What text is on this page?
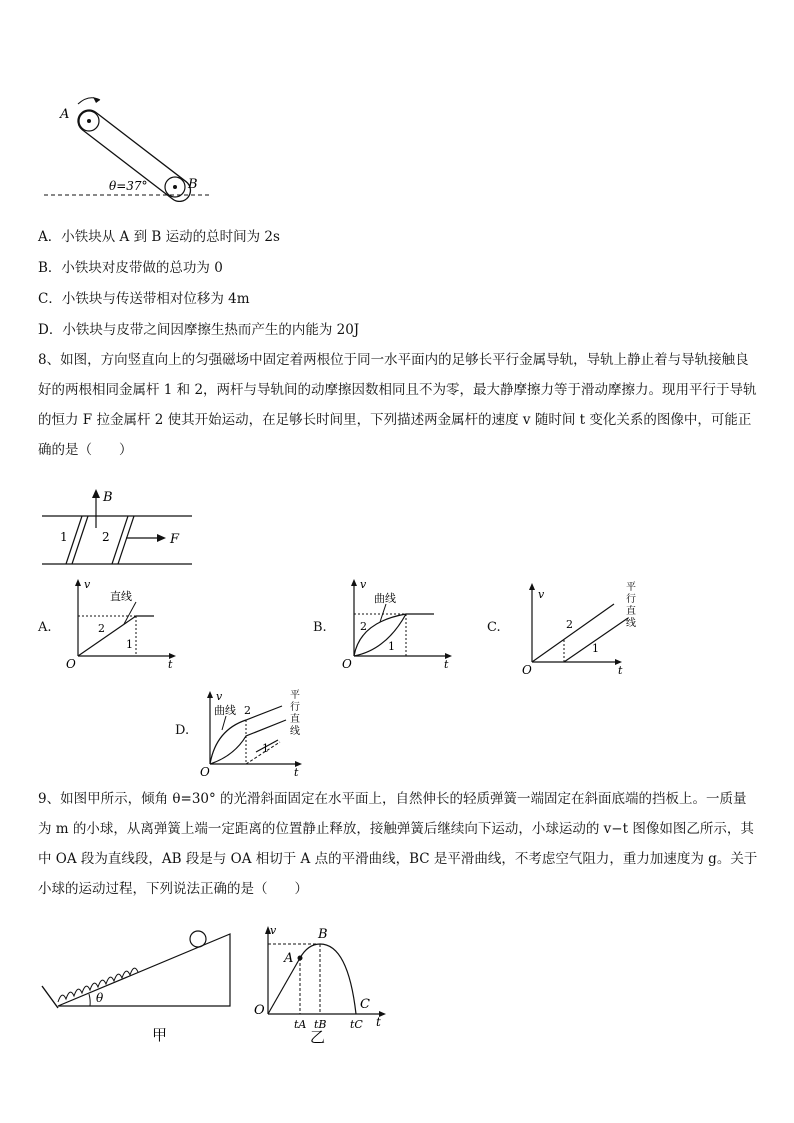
A
B
θ=37°
A．小铁块从 A 到 B 运动的总时间为 2s
B．小铁块对皮带做的总功为 0
C．小铁块与传送带相对位移为 4m
D．小铁块与皮带之间因摩擦生热而产生的内能为 20J
8、如图，方向竖直向上的匀强磁场中固定着两根位于同一水平面内的足够长平行金属导轨，导轨上静止着与导轨接触良好的两根相同金属杆 1 和 2，两杆与导轨间的动摩擦因数相同且不为零，最大静摩擦力等于滑动摩擦力。现用平行于导轨的恒力 F 拉金属杆 2 使其开始运动，在足够长时间里，下列描述两金属杆的速度 v 随时间 t 变化关系的图像中，可能正确的是（　　）
B
F
1	2
A.
v
O	t
直线
2
1
B.
v
O	t
曲线
2
1
C.
v
O	t
2
1
平
行
直
线
D.
v
O	t
曲线 2
1
平
行
直
线
9、如图甲所示，倾角 θ=30° 的光滑斜面固定在水平面上，自然伸长的轻质弹簧一端固定在斜面底端的挡板上。一质量为 m 的小球，从离弹簧上端一定距离的位置静止释放，接触弹簧后继续向下运动，小球运动的 v−t 图像如图乙所示，其中 OA 段为直线段，AB 段是与 OA 相切于 A 点的平滑曲线，BC 是平滑曲线，不考虑空气阻力，重力加速度为 g。关于小球的运动过程，下列说法正确的是（　　）
θ
甲
v
O
t
A
B
C
tA tB tC
乙
